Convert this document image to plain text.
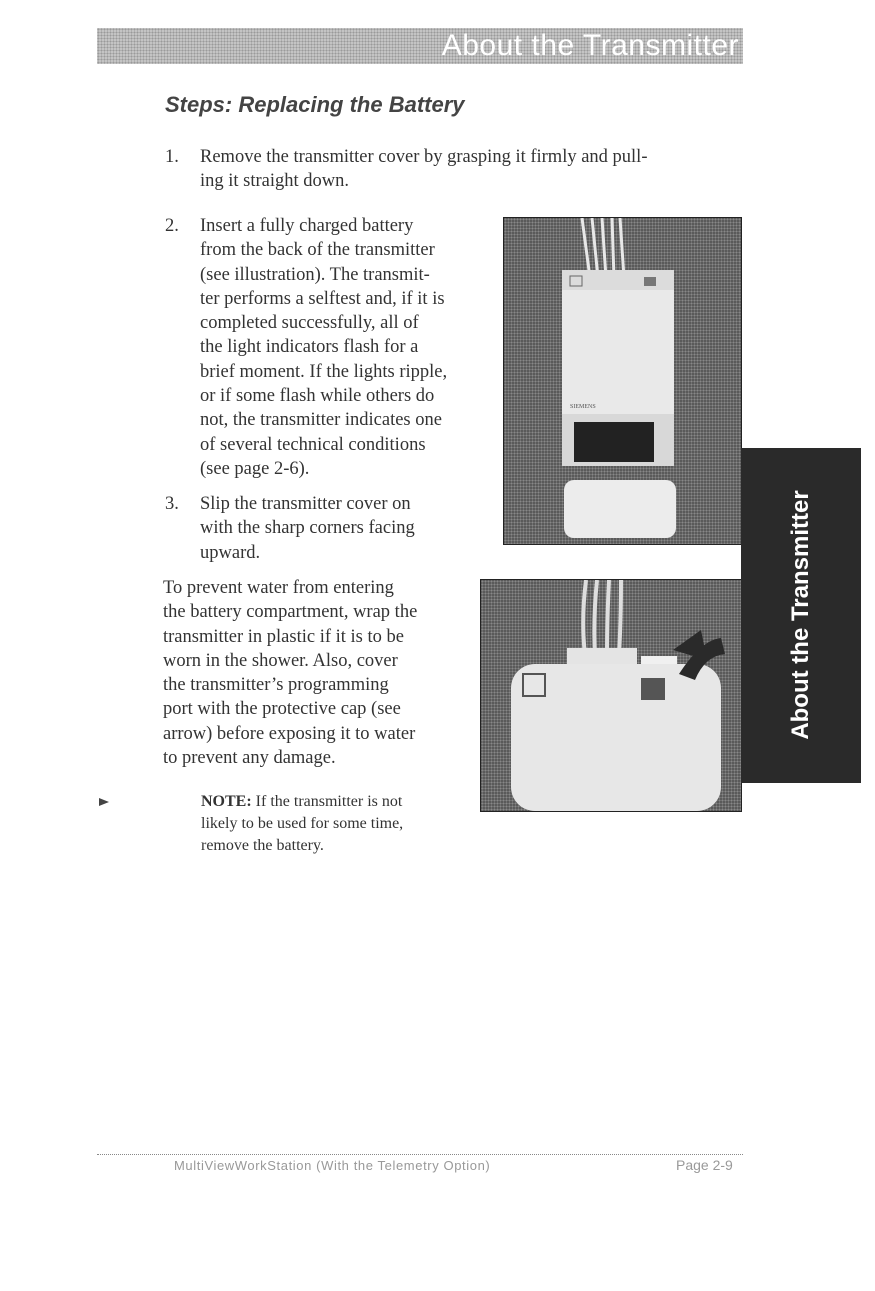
About the Transmitter
Steps: Replacing the Battery
1. Remove the transmitter cover by grasping it firmly and pull-
ing it straight down.
2. Insert a fully charged battery
from the back of the transmitter
(see illustration). The transmit-
ter performs a selftest and, if it is
completed successfully, all of
the light indicators flash for a
brief moment. If the lights ripple,
or if some flash while others do
not, the transmitter indicates one
of several technical conditions
(see page 2-6).
3. Slip the transmitter cover on
with the sharp corners facing
upward.
To prevent water from entering
the battery compartment, wrap the
transmitter in plastic if it is to be
worn in the shower. Also, cover
the transmitter’s programming
port with the protective cap (see
arrow) before exposing it to water
to prevent any damage.
NOTE: If the transmitter is not
likely to be used for some time,
remove the battery.
SIEMENS
About the Transmitter
MultiViewWorkStation (With the Telemetry Option)	Page 2-9
